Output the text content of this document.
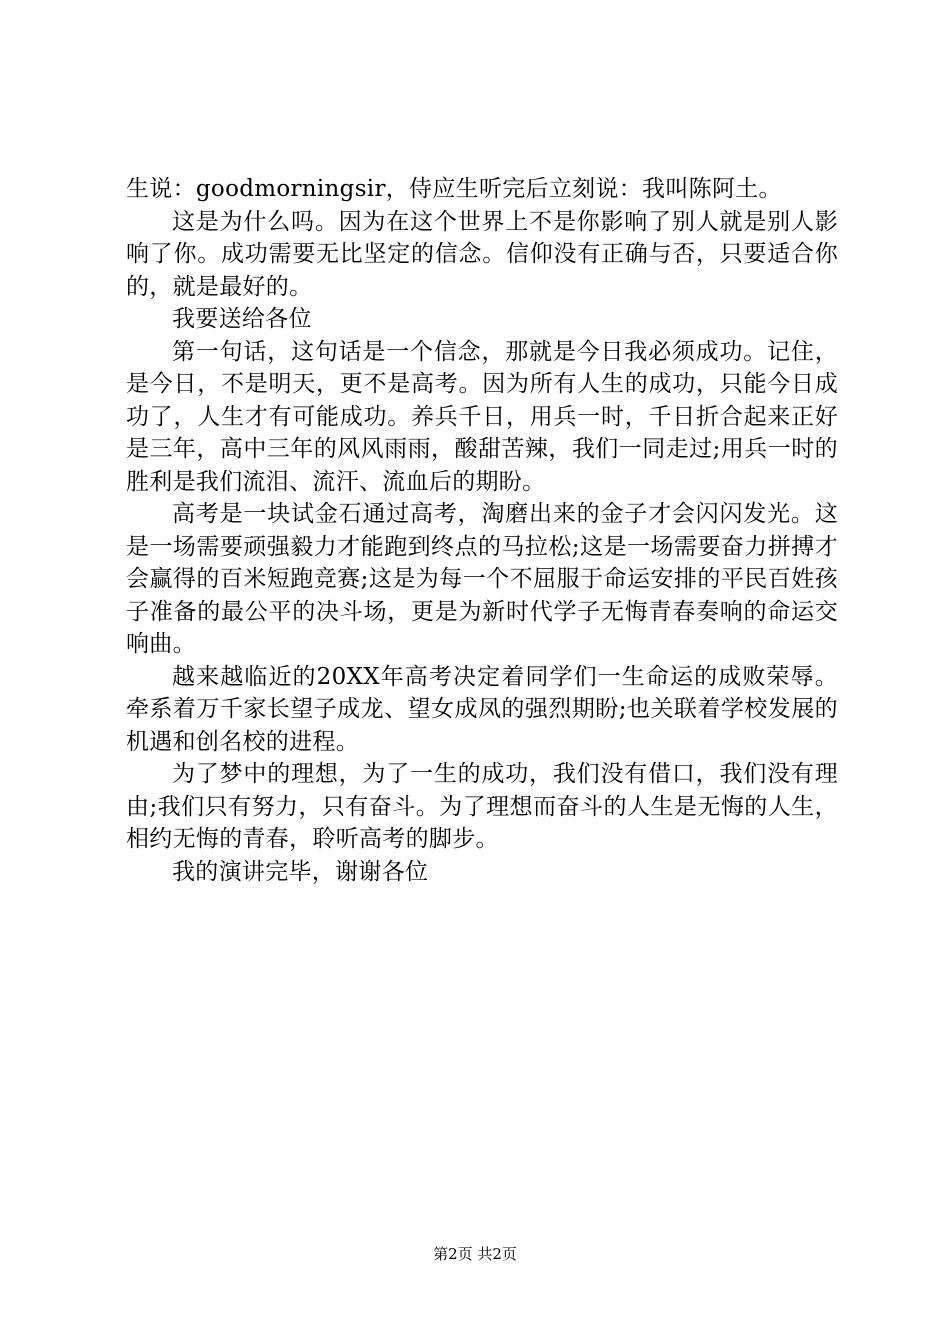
生说：goodmorningsir，侍应生听完后立刻说：我叫陈阿土。

这是为什么吗。因为在这个世界上不是你影响了别人就是别人影响了你。成功需要无比坚定的信念。信仰没有正确与否，只要适合你的，就是最好的。

我要送给各位

第一句话，这句话是一个信念，那就是今日我必须成功。记住，是今日，不是明天，更不是高考。因为所有人生的成功，只能今日成功了，人生才有可能成功。养兵千日，用兵一时，千日折合起来正好是三年，高中三年的风风雨雨，酸甜苦辣，我们一同走过;用兵一时的胜利是我们流泪、流汗、流血后的期盼。

高考是一块试金石通过高考，淘磨出来的金子才会闪闪发光。这是一场需要顽强毅力才能跑到终点的马拉松;这是一场需要奋力拼搏才会赢得的百米短跑竞赛;这是为每一个不屈服于命运安排的平民百姓孩子准备的最公平的决斗场，更是为新时代学子无悔青春奏响的命运交响曲。

越来越临近的20XX年高考决定着同学们一生命运的成败荣辱。牵系着万千家长望子成龙、望女成凤的强烈期盼;也关联着学校发展的机遇和创名校的进程。

为了梦中的理想，为了一生的成功，我们没有借口，我们没有理由;我们只有努力，只有奋斗。为了理想而奋斗的人生是无悔的人生，相约无悔的青春，聆听高考的脚步。

我的演讲完毕，谢谢各位

第2页 共2页
